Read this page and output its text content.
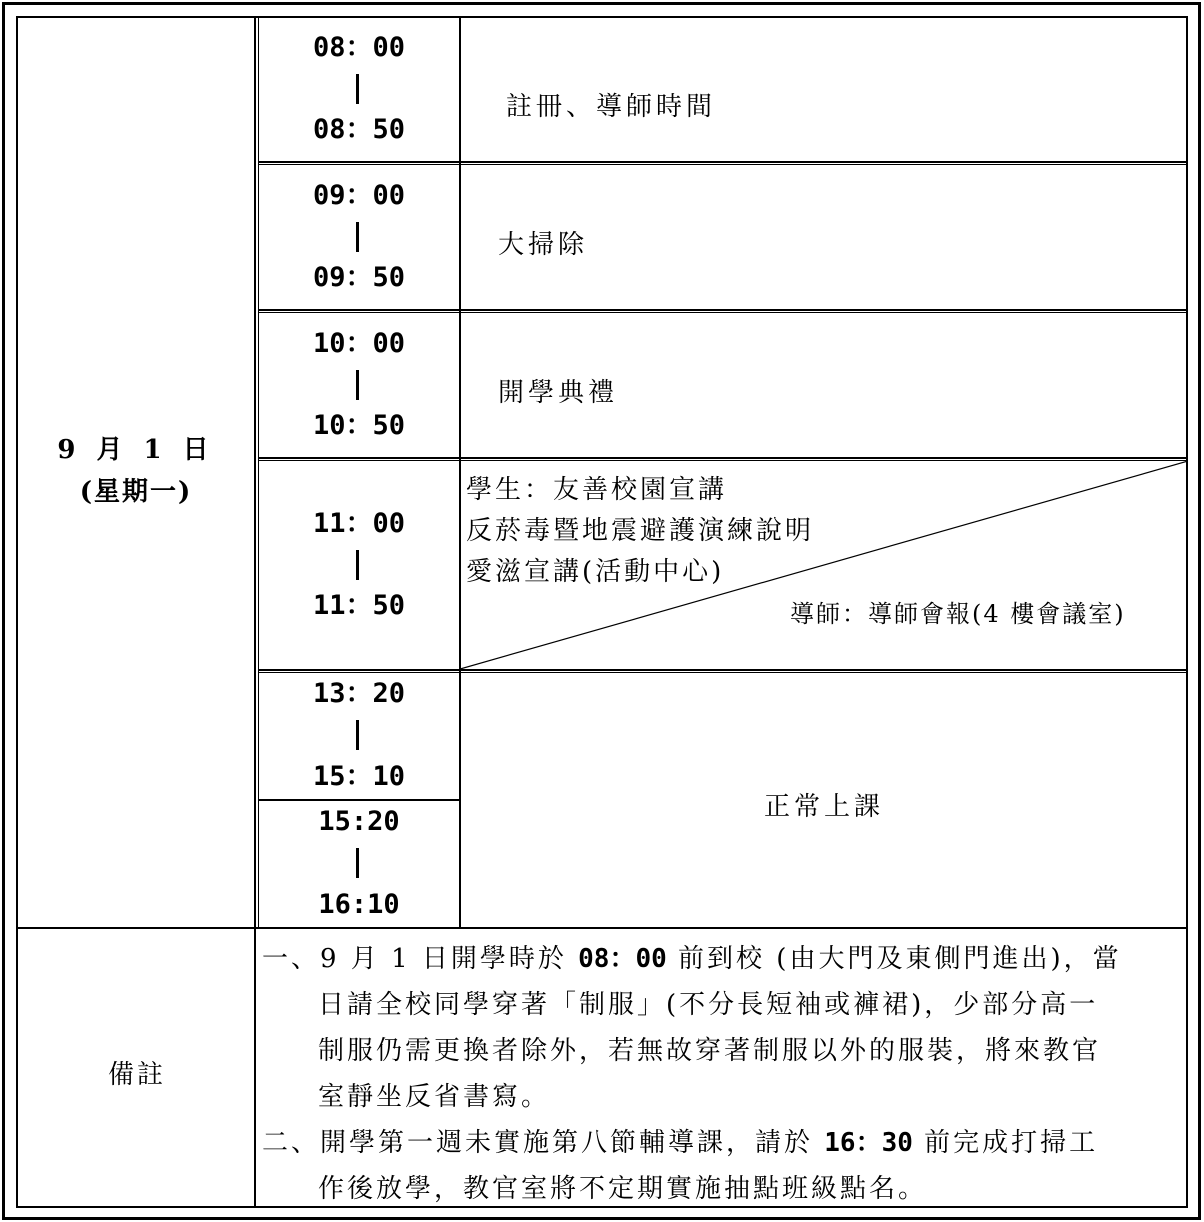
9 月 1 日
(星期一)
08：00
08：50
09：00
09：50
10：00
10：50
11：00
11：50
13：20
15：10
15:20
16:10
註冊、導師時間
大掃除
開學典禮
學生：友善校園宣講
反菸毒暨地震避護演練說明
愛滋宣講(活動中心)
導師：導師會報(4 樓會議室)
正常上課
備註
一、9 月 1 日開學時於 08：00 前到校 (由大門及東側門進出)，當
日請全校同學穿著「制服」(不分長短袖或褲裙)，少部分高一
制服仍需更換者除外，若無故穿著制服以外的服裝，將來教官
室靜坐反省書寫。
二、開學第一週未實施第八節輔導課，請於 16：30 前完成打掃工
作後放學，教官室將不定期實施抽點班級點名。
